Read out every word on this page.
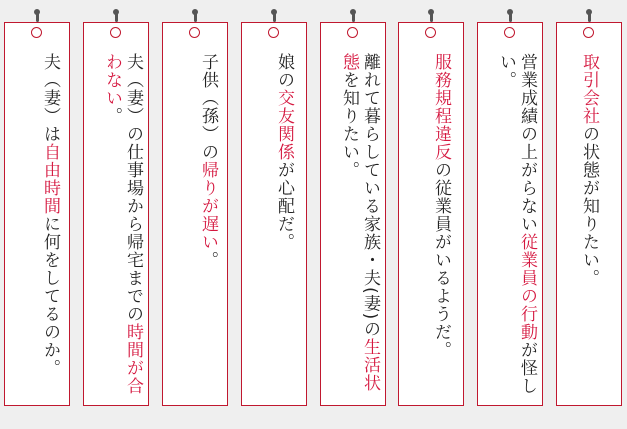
夫（妻）は自由時間に何をしてるのか。	夫（妻）の仕事場から帰宅までの時間が合わない。	子供（孫）の帰りが遅い。
娘の交友関係が心配だ。	離れて暮らしている家族・夫(妻)の生活状態を知りたい。	服務規程違反の従業員がいるようだ。
営業成績の上がらない従業員の行動が怪しい。	取引会社の状態が知りたい。
